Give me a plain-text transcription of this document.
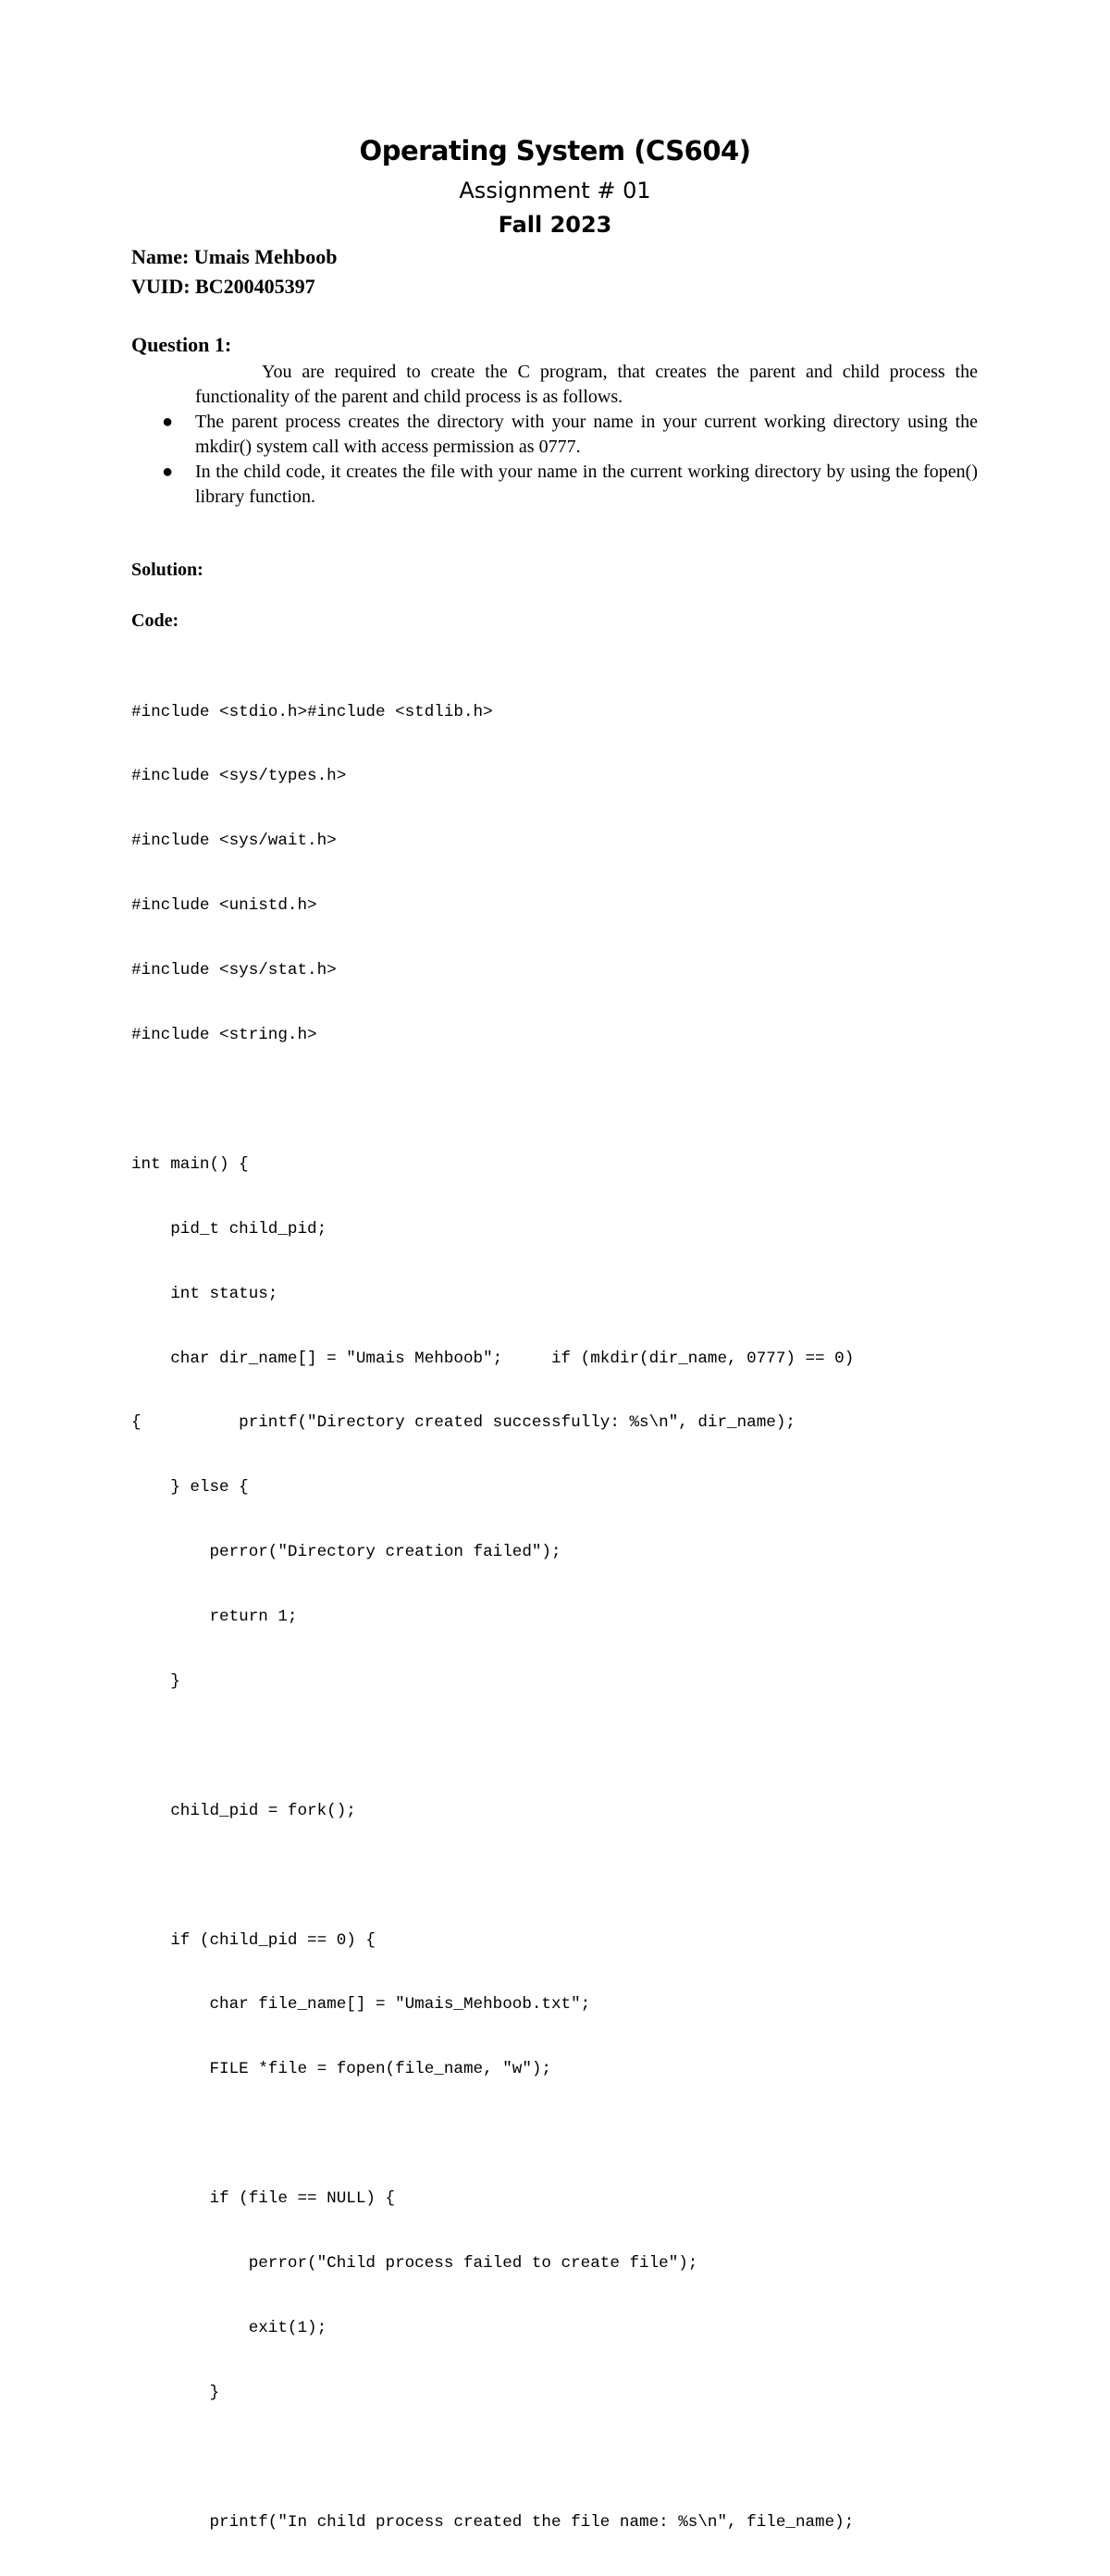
Operating System (CS604)
Assignment # 01
Fall 2023
Name: Umais Mehboob
VUID: BC200405397
Question 1:

You are required to create the C program, that creates the parent and child process the functionality of the parent and child process is as follows.

● The parent process creates the directory with your name in your current working directory using the mkdir() system call with access permission as 0777.
● In the child code, it creates the file with your name in the current working directory by using the fopen() library function.
Solution:
Code:

#include <stdio.h>#include <stdlib.h>

#include <sys/types.h>

#include <sys/wait.h>

#include <unistd.h>

#include <sys/stat.h>

#include <string.h>

int main() {

pid_t child_pid;

int status;

char dir_name[] = "Umais Mehboob";     if (mkdir(dir_name, 0777) == 0)

{          printf("Directory created successfully: %s\n", dir_name);

} else {

perror("Directory creation failed");

return 1;

}

child_pid = fork();

if (child_pid == 0) {

char file_name[] = "Umais_Mehboob.txt";

FILE *file = fopen(file_name, "w");

if (file == NULL) {

perror("Child process failed to create file");

exit(1);

}

printf("In child process created the file name: %s\n", file_name);
